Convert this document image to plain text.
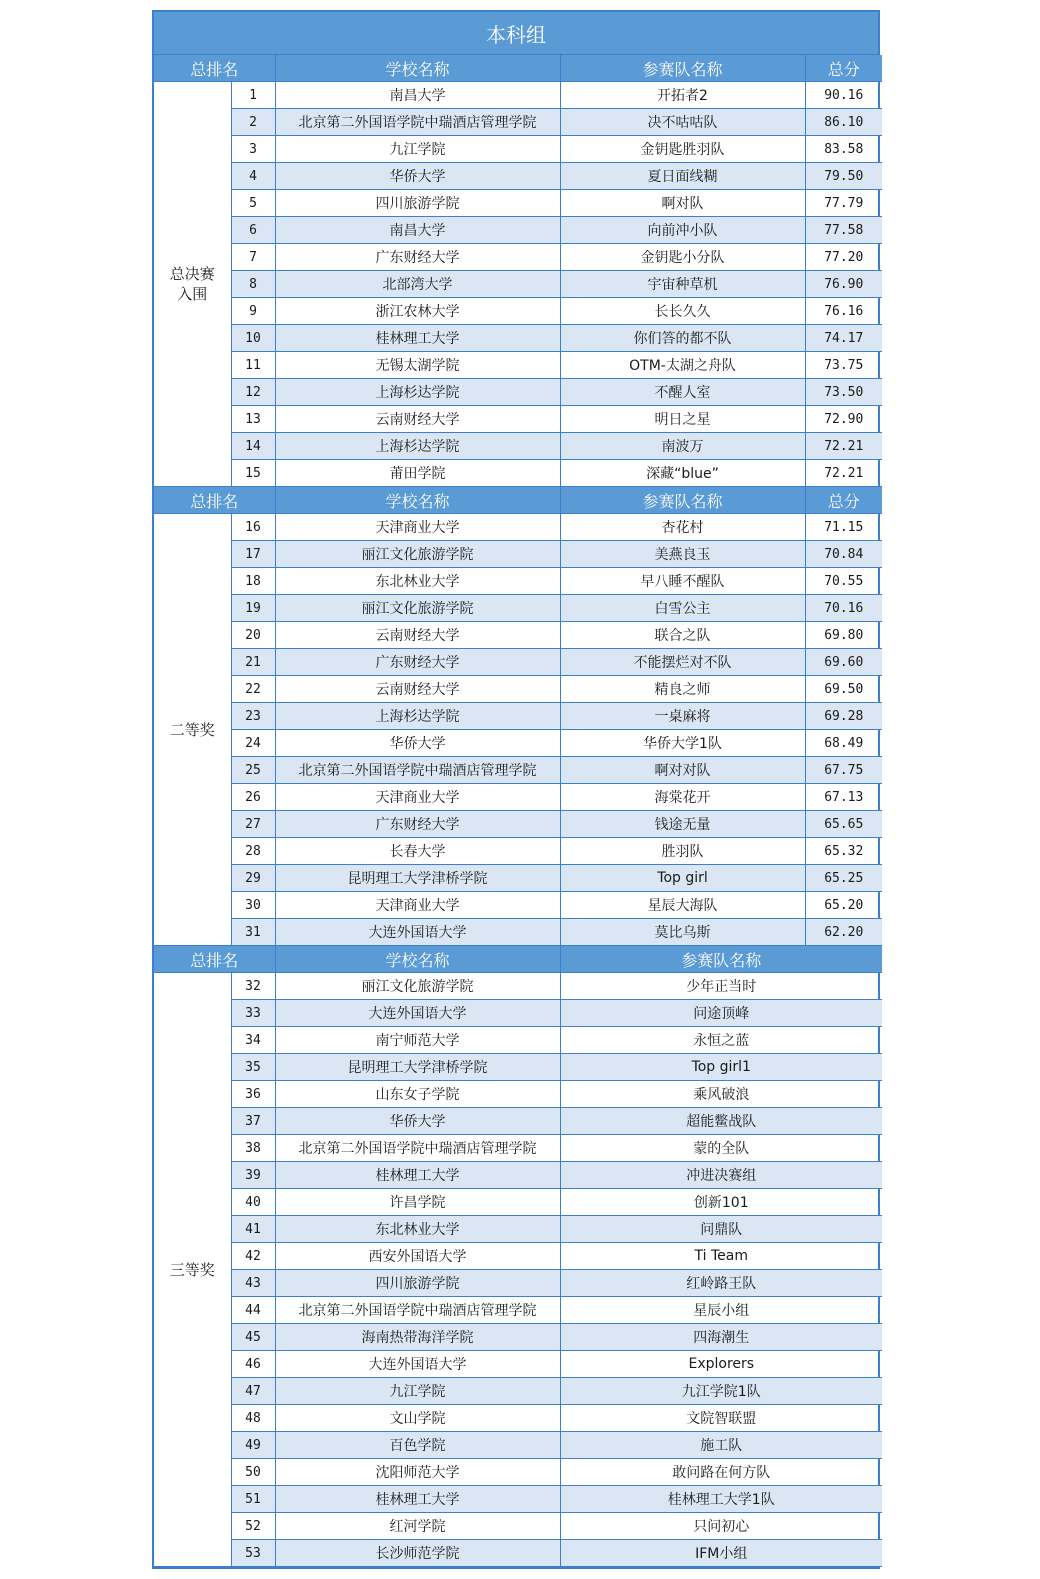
本科组
总排名		学校名称	参赛队名称	总分
总决赛入围	1	南昌大学	开拓者2	90.16
	2	北京第二外国语学院中瑞酒店管理学院	决不咕咕队	86.10
	3	九江学院	金钥匙胜羽队	83.58
	4	华侨大学	夏日面线糊	79.50
	5	四川旅游学院	啊对队	77.79
	6	南昌大学	向前冲小队	77.58
	7	广东财经大学	金钥匙小分队	77.20
	8	北部湾大学	宇宙种草机	76.90
	9	浙江农林大学	长长久久	76.16
	10	桂林理工大学	你们答的都不队	74.17
	11	无锡太湖学院	OTM-太湖之舟队	73.75
	12	上海杉达学院	不醒人室	73.50
	13	云南财经大学	明日之星	72.90
	14	上海杉达学院	南波万	72.21
	15	莆田学院	深藏“blue”	72.21
总排名		学校名称	参赛队名称	总分
二等奖	16	天津商业大学	杏花村	71.15
	17	丽江文化旅游学院	美燕良玉	70.84
	18	东北林业大学	早八睡不醒队	70.55
	19	丽江文化旅游学院	白雪公主	70.16
	20	云南财经大学	联合之队	69.80
	21	广东财经大学	不能摆烂对不队	69.60
	22	云南财经大学	精良之师	69.50
	23	上海杉达学院	一桌麻将	69.28
	24	华侨大学	华侨大学1队	68.49
	25	北京第二外国语学院中瑞酒店管理学院	啊对对队	67.75
	26	天津商业大学	海棠花开	67.13
	27	广东财经大学	钱途无量	65.65
	28	长春大学	胜羽队	65.32
	29	昆明理工大学津桥学院	Top girl	65.25
	30	天津商业大学	星辰大海队	65.20
	31	大连外国语大学	莫比乌斯	62.20
总排名		学校名称	参赛队名称	
三等奖	32	丽江文化旅游学院	少年正当时	
	33	大连外国语大学	问途顶峰	
	34	南宁师范大学	永恒之蓝	
	35	昆明理工大学津桥学院	Top girl1	
	36	山东女子学院	乘风破浪	
	37	华侨大学	超能鳖战队	
	38	北京第二外国语学院中瑞酒店管理学院	蒙的全队	
	39	桂林理工大学	冲进决赛组	
	40	许昌学院	创新101	
	41	东北林业大学	问鼎队	
	42	西安外国语大学	Ti Team	
	43	四川旅游学院	红岭路王队	
	44	北京第二外国语学院中瑞酒店管理学院	星辰小组	
	45	海南热带海洋学院	四海潮生	
	46	大连外国语大学	Explorers	
	47	九江学院	九江学院1队	
	48	文山学院	文院智联盟	
	49	百色学院	施工队	
	50	沈阳师范大学	敢问路在何方队	
	51	桂林理工大学	桂林理工大学1队	
	52	红河学院	只问初心	
	53	长沙师范学院	IFM小组	
